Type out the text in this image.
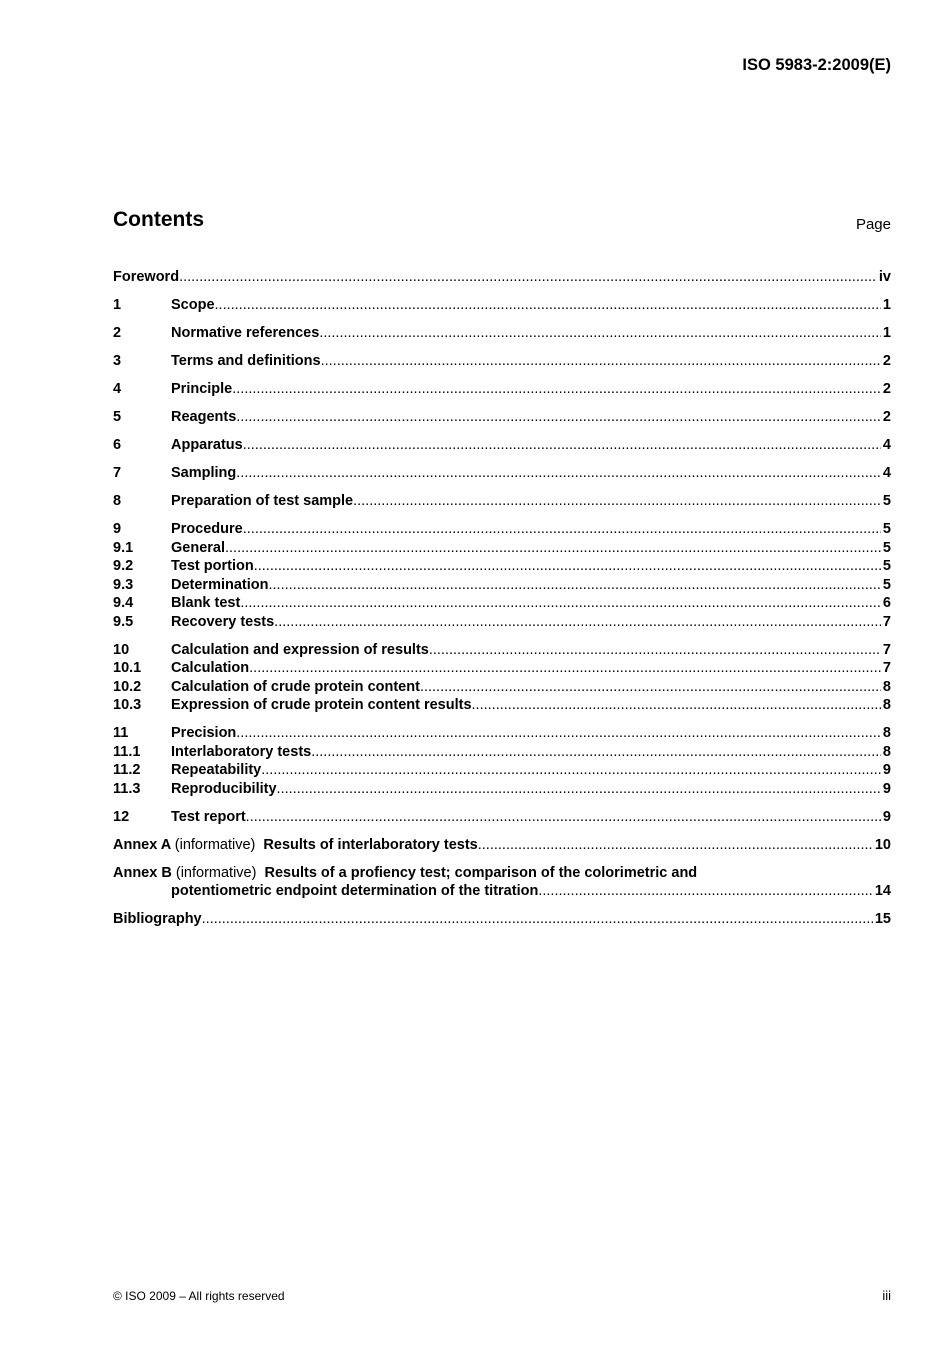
ISO 5983-2:2009(E)
Contents	Page
Foreword .....	iv
1	Scope .....	1
2	Normative references .....	1
3	Terms and definitions .....	2
4	Principle .....	2
5	Reagents .....	2
6	Apparatus .....	4
7	Sampling .....	4
8	Preparation of test sample .....	5
9	Procedure .....	5
9.1	General .....	5
9.2	Test portion .....	5
9.3	Determination .....	5
9.4	Blank test .....	6
9.5	Recovery tests .....	7
10	Calculation and expression of results .....	7
10.1	Calculation .....	7
10.2	Calculation of crude protein content .....	8
10.3	Expression of crude protein content results .....	8
11	Precision .....	8
11.1	Interlaboratory tests .....	8
11.2	Repeatability .....	9
11.3	Reproducibility .....	9
12	Test report .....	9
Annex A (informative) Results of interlaboratory tests .....	10
Annex B (informative) Results of a profiency test; comparison of the colorimetric and
potentiometric endpoint determination of the titration .....	14
Bibliography .....	15
© ISO 2009 – All rights reserved	iii
